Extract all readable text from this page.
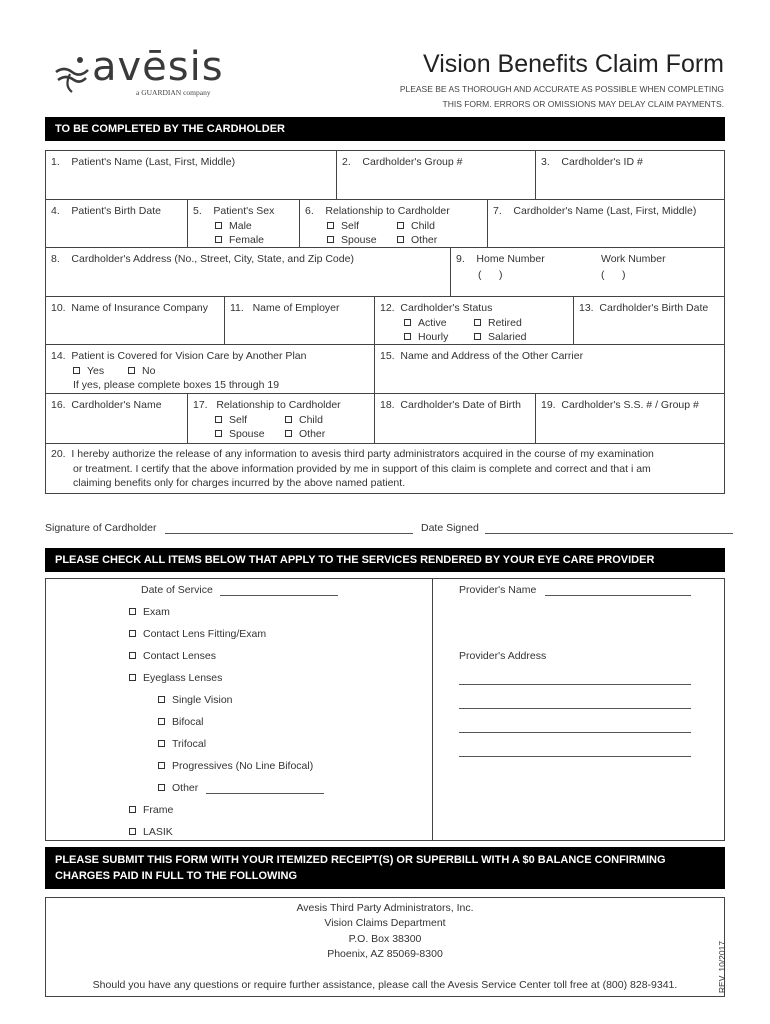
avēsis
a GUARDIAN company
Vision Benefits Claim Form
PLEASE BE AS THOROUGH AND ACCURATE AS POSSIBLE WHEN COMPLETING
THIS FORM. ERRORS OR OMISSIONS MAY DELAY CLAIM PAYMENTS.
TO BE COMPLETED BY THE CARDHOLDER
1.    Patient's Name (Last, First, Middle)	2.    Cardholder's Group #	3.    Cardholder's ID #
4.    Patient's Birth Date	5.    Patient's Sex
Male
Female
6.    Relationship to Cardholder
Self	Child
Spouse	Other
7.    Cardholder's Name (Last, First, Middle)
8.    Cardholder's Address (No., Street, City, State, and Zip Code)	9.    Home Number	Work Number
(      )	(      )
10.  Name of Insurance Company	11.   Name of Employer	12.  Cardholder's Status
Active	Retired
Hourly	Salaried
13.  Cardholder's Birth Date
14.  Patient is Covered for Vision Care by Another Plan
Yes	No
If yes, please complete boxes 15 through 19
15.  Name and Address of the Other Carrier
16.  Cardholder's Name	17.   Relationship to Cardholder
Self	Child
Spouse	Other
18.  Cardholder's Date of Birth	19.  Cardholder's S.S. # / Group #
20.  I hereby authorize the release of any information to avesis third party administrators acquired in the course of my examination
or treatment. I certify that the above information provided by me in support of this claim is complete and correct and that i am
claiming benefits only for charges incurred by the above named patient.
Signature of Cardholder	Date Signed
PLEASE CHECK ALL ITEMS BELOW THAT APPLY TO THE SERVICES RENDERED BY YOUR EYE CARE PROVIDER
Date of Service
Exam
Contact Lens Fitting/Exam
Contact Lenses
Eyeglass Lenses
Single Vision
Bifocal
Trifocal
Progressives (No Line Bifocal)
Other
Frame
LASIK
Provider's Name
Provider's Address
PLEASE SUBMIT THIS FORM WITH YOUR ITEMIZED RECEIPT(S) OR SUPERBILL WITH A $0 BALANCE CONFIRMING
CHARGES PAID IN FULL TO THE FOLLOWING
Avesis Third Party Administrators, Inc.
Vision Claims Department
P.O. Box 38300
Phoenix, AZ 85069-8300
Should you have any questions or require further assistance, please call the Avesis Service Center toll free at (800) 828-9341.	REV. 10/2017
